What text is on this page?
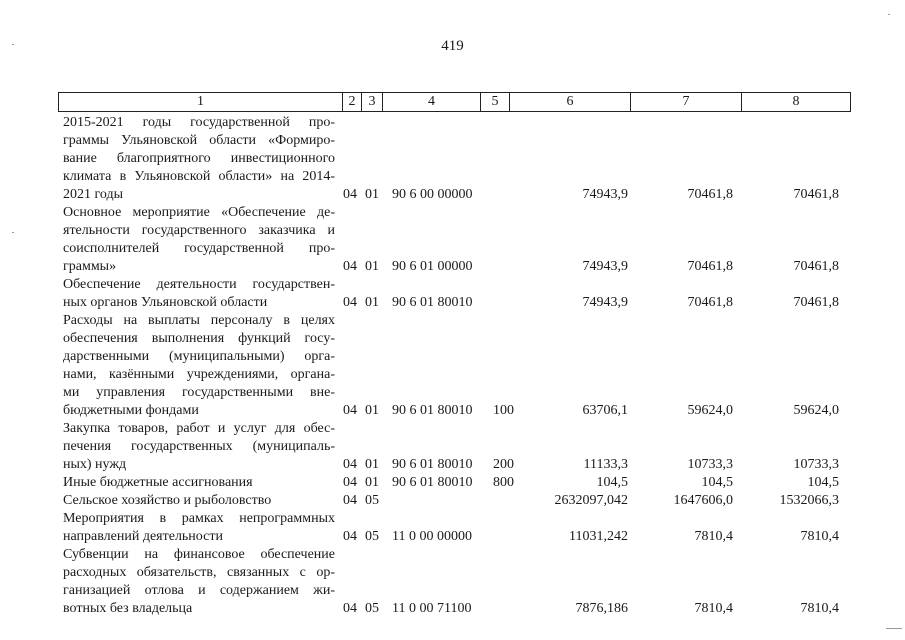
419
1	2	3	4	5	6	7	8
2015-2021 годы государственной про-
граммы Ульяновской области «Формиро-
вание благоприятного инвестиционного
климата в Ульяновской области» на 2014-
2021 годы	04 01 90 6 00 00000	74943,9	70461,8	70461,8
Основное мероприятие «Обеспечение де-
ятельности государственного заказчика и
соисполнителей государственной про-
граммы»	04 01 90 6 01 00000	74943,9	70461,8	70461,8
Обеспечение деятельности государствен-
ных органов Ульяновской области	04 01 90 6 01 80010	74943,9	70461,8	70461,8
Расходы на выплаты персоналу в целях
обеспечения выполнения функций госу-
дарственными (муниципальными) орга-
нами, казёнными учреждениями, органа-
ми управления государственными вне-
бюджетными фондами	04 01 90 6 01 80010 100	63706,1	59624,0	59624,0
Закупка товаров, работ и услуг для обес-
печения государственных (муниципаль-
ных) нужд	04 01 90 6 01 80010 200	11133,3	10733,3	10733,3
Иные бюджетные ассигнования	04 01 90 6 01 80010 800	104,5	104,5	104,5
Сельское хозяйство и рыболовство	04 05	2632097,042	1647606,0	1532066,3
Мероприятия в рамках непрограммных
направлений деятельности	04 05 11 0 00 00000	11031,242	7810,4	7810,4
Субвенции на финансовое обеспечение
расходных обязательств, связанных с ор-
ганизацией отлова и содержанием жи-
вотных без владельца	04 05 11 0 00 71100	7876,186	7810,4	7810,4
